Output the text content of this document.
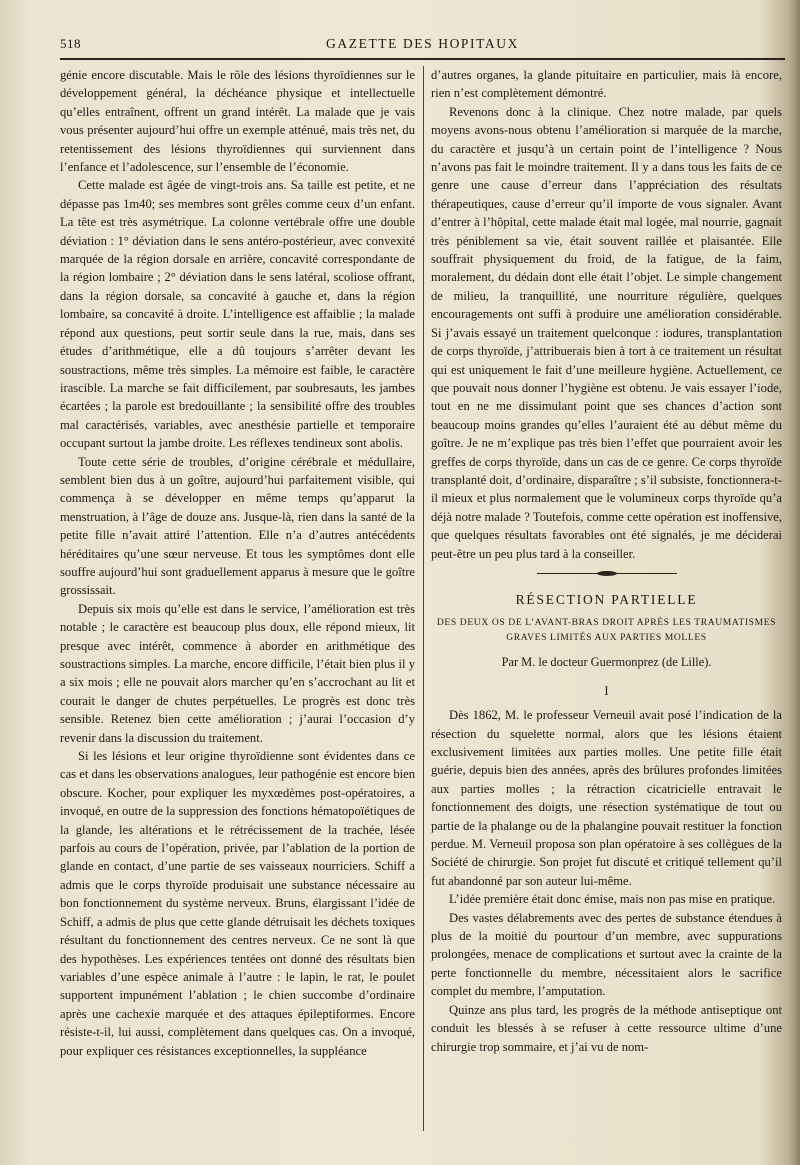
518	GAZETTE DES HOPITAUX

génie encore discutable. Mais le rôle des lésions thyroïdiennes sur le développement général, la déchéance physique et intellectuelle qu’elles entraînent, offrent un grand intérêt. La malade que je vais vous présenter aujourd’hui offre un exemple atténué, mais très net, du retentissement des lésions thyroïdiennes qui surviennent dans l’enfance et l’adolescence, sur l’ensemble de l’économie.

Cette malade est âgée de vingt-trois ans. Sa taille est petite, et ne dépasse pas 1m40; ses membres sont grêles comme ceux d’un enfant. La tête est très asymétrique. La colonne vertébrale offre une double déviation : 1° déviation dans le sens antéro-postérieur, avec convexité marquée de la région dorsale en arrière, concavité correspondante de la région lombaire ; 2° déviation dans le sens latéral, scoliose offrant, dans la région dorsale, sa concavité à gauche et, dans la région lombaire, sa concavité à droite. L’intelligence est affaiblie ; la malade répond aux questions, peut sortir seule dans la rue, mais, dans ses études d’arithmétique, elle a dû toujours s’arrêter devant les soustractions, même très simples. La mémoire est faible, le caractère irascible. La marche se fait difficilement, par soubresauts, les jambes écartées ; la parole est bredouillante ; la sensibilité offre des troubles mal caractérisés, variables, avec anesthésie partielle et temporaire occupant surtout la jambe droite. Les réflexes tendineux sont abolis.

Toute cette série de troubles, d’origine cérébrale et médullaire, semblent bien dus à un goître, aujourd’hui parfaitement visible, qui commença à se développer en même temps qu’apparut la menstruation, à l’âge de douze ans. Jusque-là, rien dans la santé de la petite fille n’avait attiré l’attention. Elle n’a d’autres antécédents héréditaires qu’une sœur nerveuse. Et tous les symptômes dont elle souffre aujourd’hui sont graduellement apparus à mesure que le goître grossissait.

Depuis six mois qu’elle est dans le service, l’amélioration est très notable ; le caractère est beaucoup plus doux, elle répond mieux, lit presque avec intérêt, commence à aborder en arithmétique des soustractions simples. La marche, encore difficile, l’était bien plus il y a six mois ; elle ne pouvait alors marcher qu’en s’accrochant au lit et courait le danger de chutes perpétuelles. Le progrès est donc très sensible. Retenez bien cette amélioration ; j’aurai l’occasion d’y revenir dans la discussion du traitement.

Si les lésions et leur origine thyroïdienne sont évidentes dans ce cas et dans les observations analogues, leur pathogénie est encore bien obscure. Kocher, pour expliquer les myxœdèmes post-opératoires, a invoqué, en outre de la suppression des fonctions hématopoïétiques de la glande, les altérations et le rétrécissement de la trachée, lésée parfois au cours de l’opération, privée, par l’ablation de la portion de glande en contact, d’une partie de ses vaisseaux nourriciers. Schiff a admis que le corps thyroïde produisait une substance nécessaire au bon fonctionnement du système nerveux. Bruns, élargissant l’idée de Schiff, a admis de plus que cette glande détruisait les déchets toxiques résultant du fonctionnement des centres nerveux. Ce ne sont là que des hypothèses. Les expériences tentées ont donné des résultats bien variables d’une espèce animale à l’autre : le lapin, le rat, le poulet supportent impunément l’ablation ; le chien succombe d’ordinaire après une cachexie marquée et des attaques épileptiformes. Encore résiste-t-il, lui aussi, complètement dans quelques cas. On a invoqué, pour expliquer ces résistances exceptionnelles, la suppléance

d’autres organes, la glande pituitaire en particulier, mais là encore, rien n’est complètement démontré.

Revenons donc à la clinique. Chez notre malade, par quels moyens avons-nous obtenu l’amélioration si marquée de la marche, du caractère et jusqu’à un certain point de l’intelligence ? Nous n’avons pas fait le moindre traitement. Il y a dans tous les faits de ce genre une cause d’erreur dans l’appréciation des résultats thérapeutiques, cause d’erreur qu’il importe de vous signaler. Avant d’entrer à l’hôpital, cette malade était mal logée, mal nourrie, gagnait très péniblement sa vie, était souvent raillée et plaisantée. Elle souffrait physiquement du froid, de la fatigue, de la faim, moralement, du dédain dont elle était l’objet. Le simple changement de milieu, la tranquillité, une nourriture régulière, quelques encouragements ont suffi à produire une amélioration considérable. Si j’avais essayé un traitement quelconque : iodures, transplantation de corps thyroïde, j’attribuerais bien à tort à ce traitement un résultat qui est uniquement le fait d’une meilleure hygiène. Actuellement, ce que pouvait nous donner l’hygiène est obtenu. Je vais essayer l’iode, tout en ne me dissimulant point que ses chances d’action sont beaucoup moins grandes qu’elles l’auraient été au début même du goître. Je ne m’explique pas très bien l’effet que pourraient avoir les greffes de corps thyroïde, dans un cas de ce genre. Ce corps thyroïde transplanté doit, d’ordinaire, disparaître ; s’il subsiste, fonctionnera-t-il mieux et plus normalement que le volumineux corps thyroïde qu’a déjà notre malade ? Toutefois, comme cette opération est inoffensive, que quelques résultats favorables ont été signalés, je me déciderai peut-être un peu plus tard à la conseiller.

RÉSECTION PARTIELLE
DES DEUX OS DE L’AVANT-BRAS DROIT APRÈS LES TRAUMATISMES GRAVES LIMITÉS AUX PARTIES MOLLES
Par M. le docteur Guermonprez (de Lille).
I

Dès 1862, M. le professeur Verneuil avait posé l’indication de la résection du squelette normal, alors que les lésions étaient exclusivement limitées aux parties molles. Une petite fille était guérie, depuis bien des années, après des brûlures profondes limitées aux parties molles ; la rétraction cicatricielle entravait le fonctionnement des doigts, une résection systématique de tout ou partie de la phalange ou de la phalangine pouvait restituer la fonction perdue. M. Verneuil proposa son plan opératoire à ses collègues de la Société de chirurgie. Son projet fut discuté et critiqué tellement qu’il fut abandonné par son auteur lui-même.

L’idée première était donc émise, mais non pas mise en pratique.

Des vastes délabrements avec des pertes de substance étendues à plus de la moitié du pourtour d’un membre, avec suppurations prolongées, menace de complications et surtout avec la crainte de la perte fonctionnelle du membre, nécessitaient alors le sacrifice complet du membre, l’amputation.

Quinze ans plus tard, les progrès de la méthode antiseptique ont conduit les blessés à se refuser à cette ressource ultime d’une chirurgie trop sommaire, et j’ai vu de nom-
